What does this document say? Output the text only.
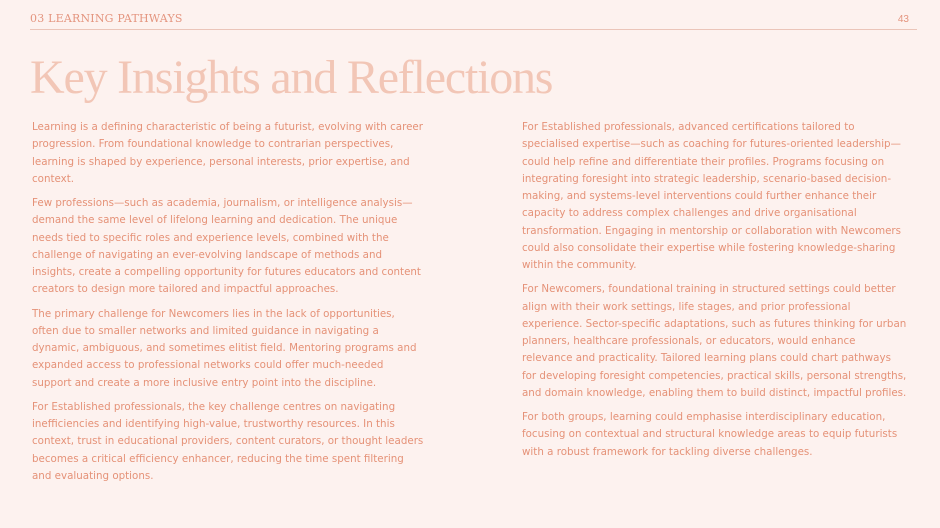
03 LEARNING PATHWAYS	43
Key Insights and Reflections

Learning is a defining characteristic of being a futurist, evolving with career progression. From foundational knowledge to contrarian perspectives, learning is shaped by experience, personal interests, prior expertise, and context.

Few professions—such as academia, journalism, or intelligence analysis—demand the same level of lifelong learning and dedication. The unique needs tied to specific roles and experience levels, combined with the challenge of navigating an ever-evolving landscape of methods and insights, create a compelling opportunity for futures educators and content creators to design more tailored and impactful approaches.

The primary challenge for Newcomers lies in the lack of opportunities, often due to smaller networks and limited guidance in navigating a dynamic, ambiguous, and sometimes elitist field. Mentoring programs and expanded access to professional networks could offer much-needed support and create a more inclusive entry point into the discipline.

For Established professionals, the key challenge centres on navigating inefficiencies and identifying high-value, trustworthy resources. In this context, trust in educational providers, content curators, or thought leaders becomes a critical efficiency enhancer, reducing the time spent filtering and evaluating options.

For Established professionals, advanced certifications tailored to specialised expertise—such as coaching for futures-oriented leadership—could help refine and differentiate their profiles. Programs focusing on integrating foresight into strategic leadership, scenario-based decision-making, and systems-level interventions could further enhance their capacity to address complex challenges and drive organisational transformation. Engaging in mentorship or collaboration with Newcomers could also consolidate their expertise while fostering knowledge-sharing within the community.

For Newcomers, foundational training in structured settings could better align with their work settings, life stages, and prior professional experience. Sector-specific adaptations, such as futures thinking for urban planners, healthcare professionals, or educators, would enhance relevance and practicality. Tailored learning plans could chart pathways for developing foresight competencies, practical skills, personal strengths, and domain knowledge, enabling them to build distinct, impactful profiles.

For both groups, learning could emphasise interdisciplinary education, focusing on contextual and structural knowledge areas to equip futurists with a robust framework for tackling diverse challenges.
